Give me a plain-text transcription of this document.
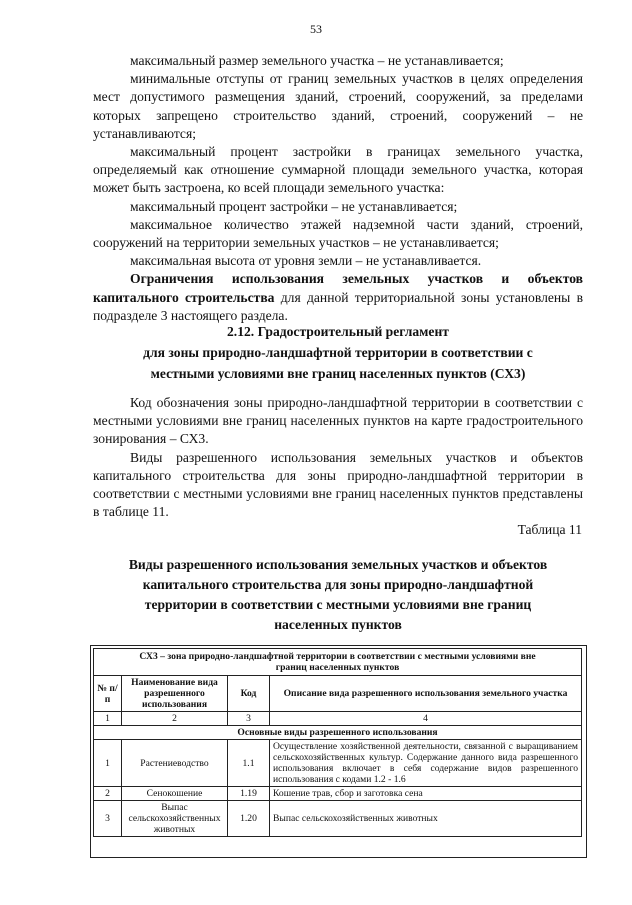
53

максимальный размер земельного участка – не устанавливается;

минимальные отступы от границ земельных участков в целях определения мест допустимого размещения зданий, строений, сооружений, за пределами которых запрещено строительство зданий, строений, сооружений – не устанавливаются;

максимальный процент застройки в границах земельного участка, определяемый как отношение суммарной площади земельного участка, которая может быть застроена, ко всей площади земельного участка:

максимальный процент застройки – не устанавливается;

максимальное количество этажей надземной части зданий, строений, сооружений на территории земельных участков – не устанавливается;

максимальная высота от уровня земли – не устанавливается.

Ограничения использования земельных участков и объектов капитального строительства для данной территориальной зоны установлены в подразделе 3 настоящего раздела.

2.12. Градостроительный регламент
для зоны природно-ландшафтной территории в соответствии с
местными условиями вне границ населенных пунктов (СХ3)

Код обозначения зоны природно-ландшафтной территории в соответствии с местными условиями вне границ населенных пунктов на карте градостроительного зонирования – СХ3.

Виды разрешенного использования земельных участков и объектов капитального строительства для зоны природно-ландшафтной территории в соответствии с местными условиями вне границ населенных пунктов представлены в таблице 11.

Таблица 11
Виды разрешенного использования земельных участков и объектов
капитального строительства для зоны природно-ландшафтной
территории в соответствии с местными условиями вне границ
населенных пунктов
СХ3 – зона природно-ландшафтной территории в соответствии с местными условиями вне границ населенных пунктов			
№ п/п	Наименование вида разрешенного использования	Код	Описание вида разрешенного использования земельного участка
1	2	3	4
Основные виды разрешенного использования			
1	Растениеводство	1.1	Осуществление хозяйственной деятельности, связанной с выращиванием сельскохозяйственных культур. Содержание данного вида разрешенного использования включает в себя содержание видов разрешенного использования с кодами 1.2 - 1.6
2	Сенокошение	1.19	Кошение трав, сбор и заготовка сена
3	Выпас сельскохозяйственных животных	1.20	Выпас сельскохозяйственных животных
